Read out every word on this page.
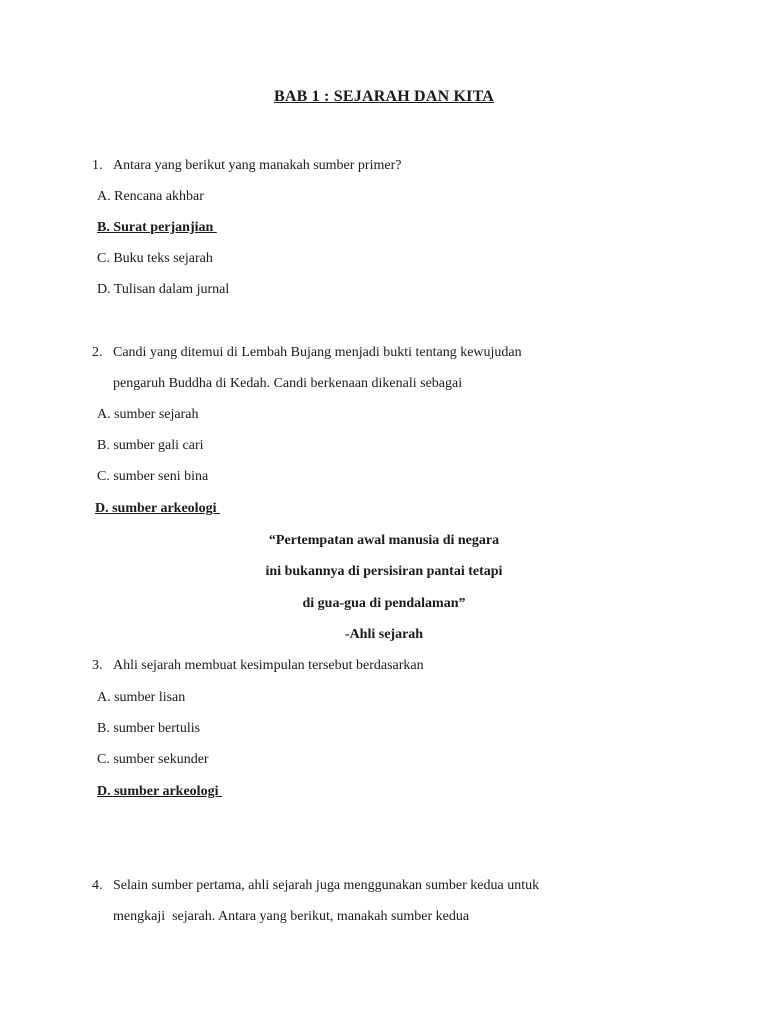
BAB 1 : SEJARAH DAN KITA
1. Antara yang berikut yang manakah sumber primer?
A. Rencana akhbar
B. Surat perjanjian
C. Buku teks sejarah
D. Tulisan dalam jurnal
2. Candi yang ditemui di Lembah Bujang menjadi bukti tentang kewujudan
pengaruh Buddha di Kedah. Candi berkenaan dikenali sebagai
A. sumber sejarah
B. sumber gali cari
C. sumber seni bina
D. sumber arkeologi
“Pertempatan awal manusia di negara
ini bukannya di persisiran pantai tetapi
di gua-gua di pendalaman”
-Ahli sejarah
3. Ahli sejarah membuat kesimpulan tersebut berdasarkan
A. sumber lisan
B. sumber bertulis
C. sumber sekunder
D. sumber arkeologi
4. Selain sumber pertama, ahli sejarah juga menggunakan sumber kedua untuk
mengkaji  sejarah. Antara yang berikut, manakah sumber kedua
